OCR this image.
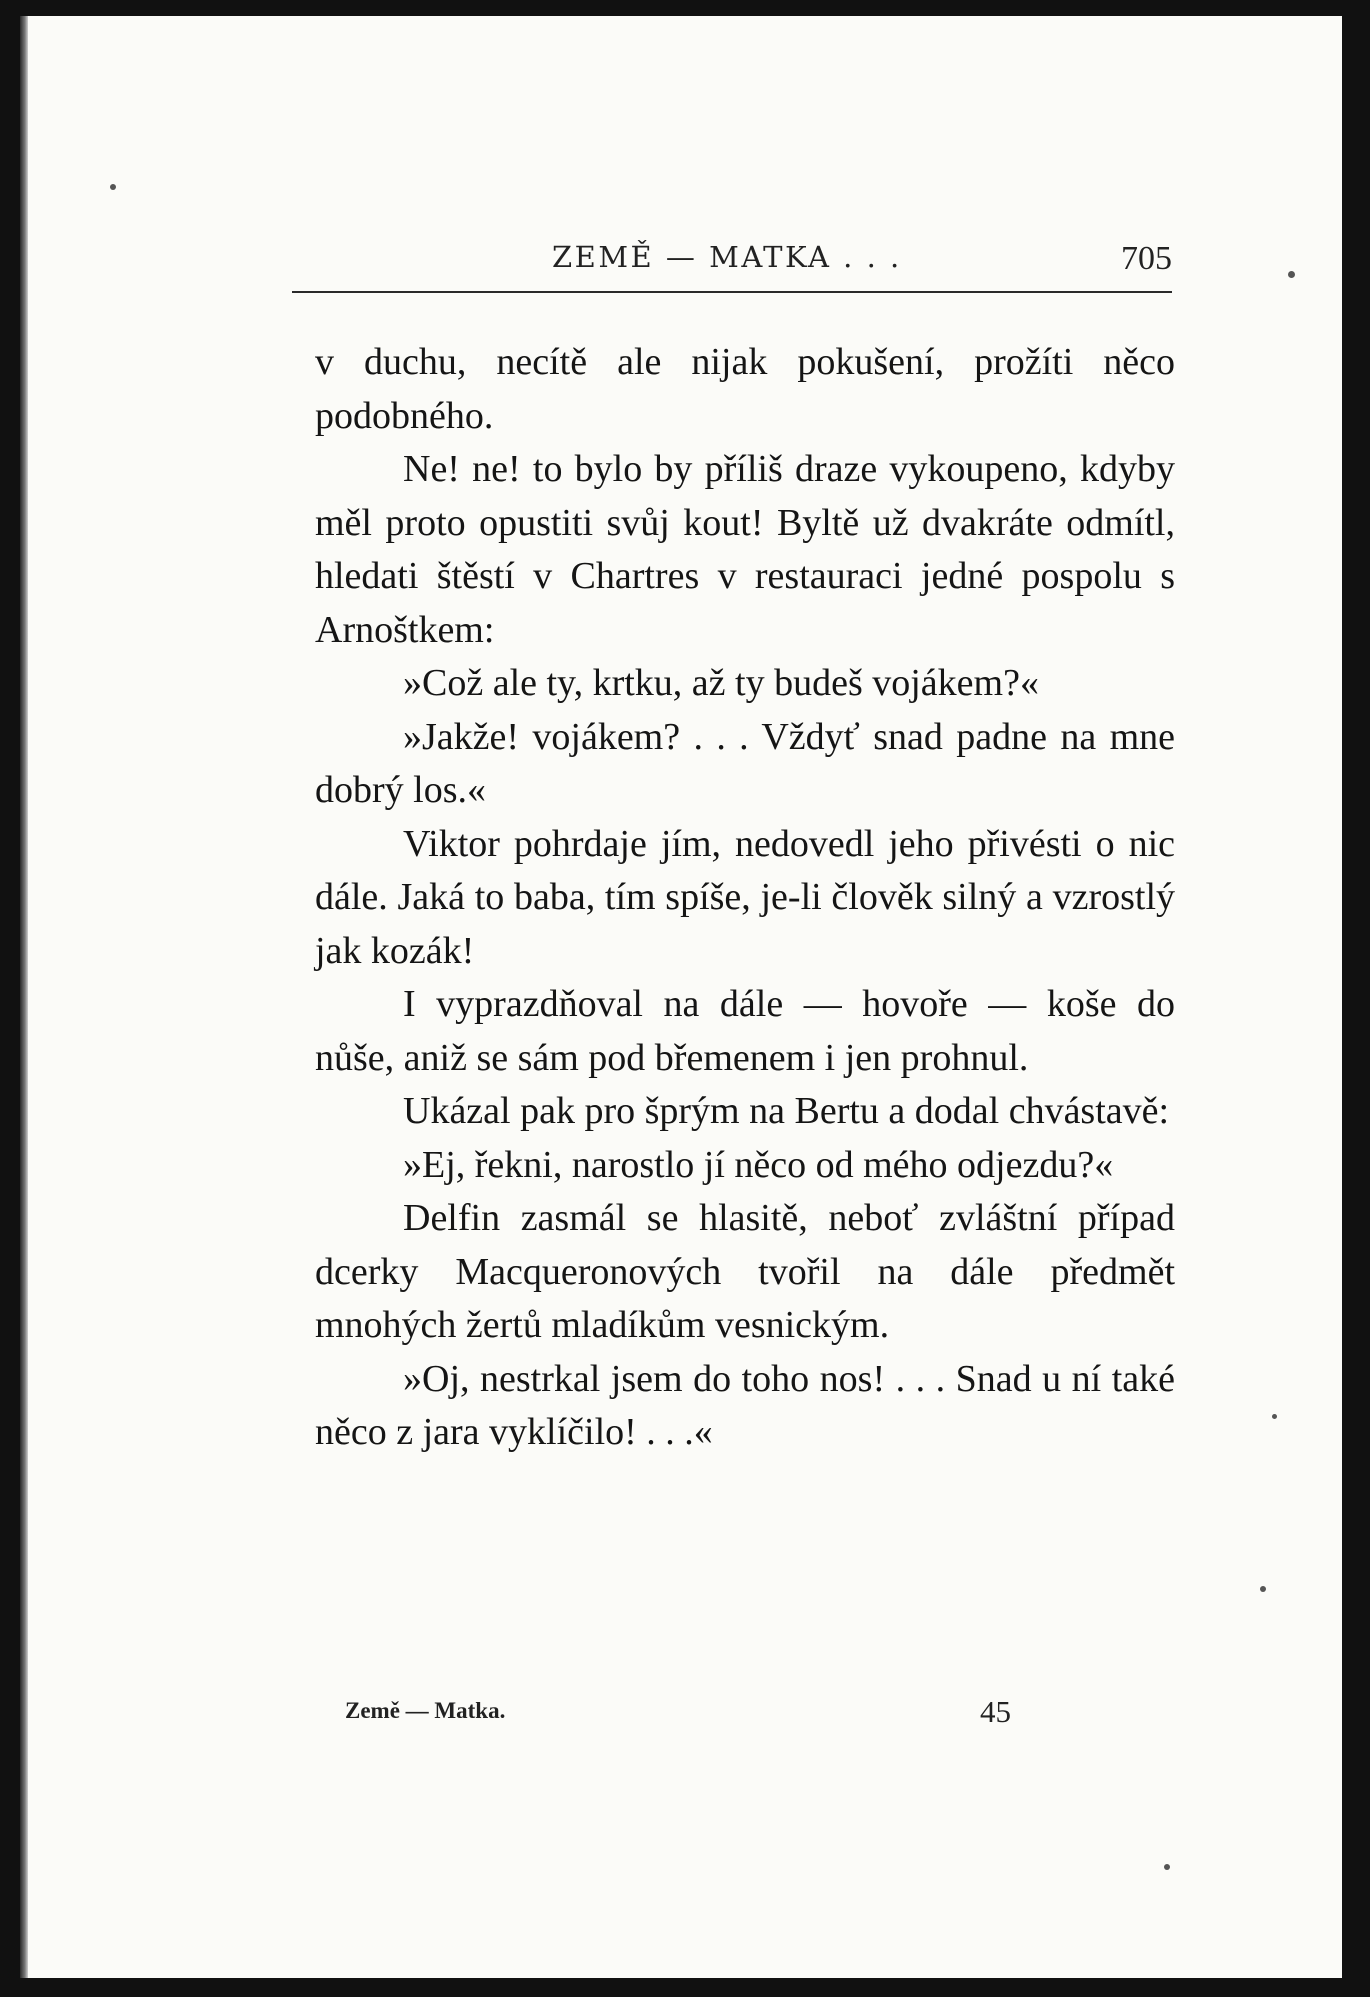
ZEMĚ — MATKA . . .	705

v duchu, necítě ale nijak pokušení, prožíti něco podobného.

Ne! ne! to bylo by příliš draze vykoupeno, kdyby měl proto opustiti svůj kout! Byltě už dvakráte odmítl, hledati štěstí v Chartres v restauraci jedné pospolu s Arnoštkem:

»Což ale ty, krtku, až ty budeš vojákem?«

»Jakže! vojákem? . . . Vždyť snad padne na mne dobrý los.«

Viktor pohrdaje jím, nedovedl jeho přivésti o nic dále. Jaká to baba, tím spíše, je-li člověk silný a vzrostlý jak kozák!

I vyprazdňoval na dále — hovoře — koše do nůše, aniž se sám pod břemenem i jen prohnul.

Ukázal pak pro šprým na Bertu a dodal chvástavě:

»Ej, řekni, narostlo jí něco od mého odjezdu?«

Delfin zasmál se hlasitě, neboť zvláštní případ dcerky Macqueronových tvořil na dále předmět mnohých žertů mladíkům vesnickým.

»Oj, nestrkal jsem do toho nos! . . . Snad u ní také něco z jara vyklíčilo! . . .«

Země — Matka.	45
